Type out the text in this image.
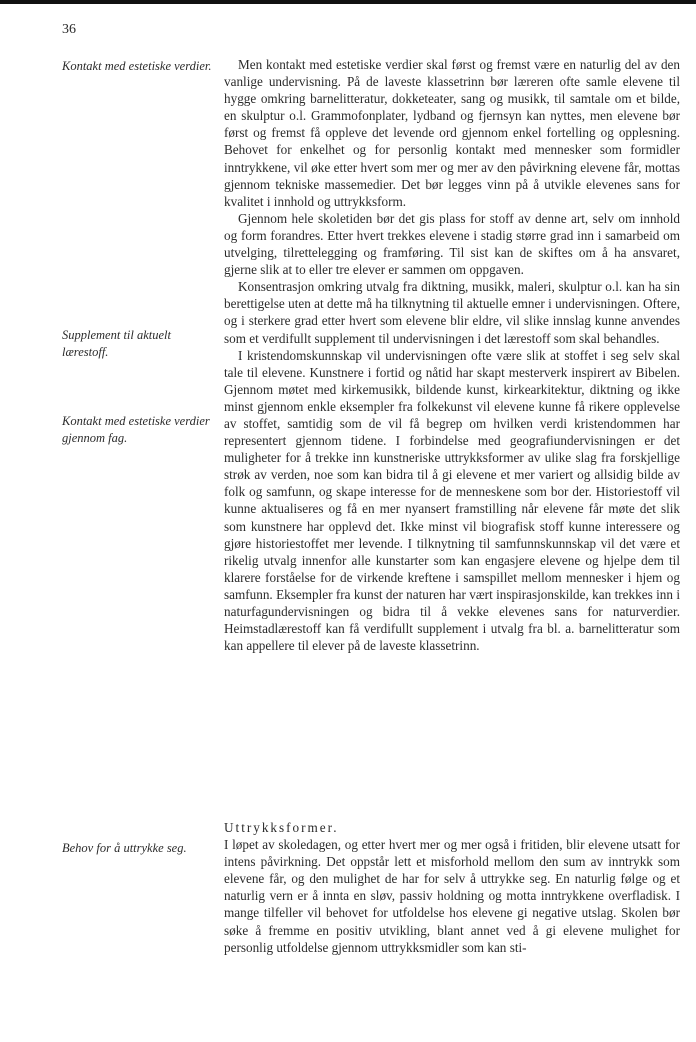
36
Kontakt med estetiske verdier.
Supplement til aktuelt lærestoff.
Kontakt med estetiske verdier gjennom fag.
Behov for å uttrykke seg.

Men kontakt med estetiske verdier skal først og fremst være en naturlig del av den vanlige undervisning. På de laveste klassetrinn bør læreren ofte samle elevene til hygge omkring barnelitteratur, dokketeater, sang og musikk, til samtale om et bilde, en skulptur o.l. Grammofonplater, lydband og fjernsyn kan nyttes, men elevene bør først og fremst få oppleve det levende ord gjennom enkel fortelling og opplesning. Behovet for enkelhet og for personlig kontakt med mennesker som formidler inntrykkene, vil øke etter hvert som mer og mer av den påvirkning elevene får, mottas gjennom tekniske massemedier. Det bør legges vinn på å utvikle elevenes sans for kvalitet i innhold og uttrykksform.

Gjennom hele skoletiden bør det gis plass for stoff av denne art, selv om innhold og form forandres. Etter hvert trekkes elevene i stadig større grad inn i samarbeid om utvelging, tilrettelegging og framføring. Til sist kan de skiftes om å ha ansvaret, gjerne slik at to eller tre elever er sammen om oppgaven.

Konsentrasjon omkring utvalg fra diktning, musikk, maleri, skulptur o.l. kan ha sin berettigelse uten at dette må ha tilknytning til aktuelle emner i undervisningen. Oftere, og i sterkere grad etter hvert som elevene blir eldre, vil slike innslag kunne anvendes som et verdifullt supplement til undervisningen i det lærestoff som skal behandles.

I kristendomskunnskap vil undervisningen ofte være slik at stoffet i seg selv skal tale til elevene. Kunstnere i fortid og nåtid har skapt mesterverk inspirert av Bibelen. Gjennom møtet med kirkemusikk, bildende kunst, kirkearkitektur, diktning og ikke minst gjennom enkle eksempler fra folkekunst vil elevene kunne få rikere opplevelse av stoffet, samtidig som de vil få begrep om hvilken verdi kristendommen har representert gjennom tidene. I forbindelse med geografiundervisningen er det muligheter for å trekke inn kunstneriske uttrykksformer av ulike slag fra forskjellige strøk av verden, noe som kan bidra til å gi elevene et mer variert og allsidig bilde av folk og samfunn, og skape interesse for de menneskene som bor der. Historiestoff vil kunne aktualiseres og få en mer nyansert framstilling når elevene får møte det slik som kunstnere har opplevd det. Ikke minst vil biografisk stoff kunne interessere og gjøre historiestoffet mer levende. I tilknytning til samfunnskunnskap vil det være et rikelig utvalg innenfor alle kunstarter som kan engasjere elevene og hjelpe dem til klarere forståelse for de virkende kreftene i samspillet mellom mennesker i hjem og samfunn. Eksempler fra kunst der naturen har vært inspirasjonskilde, kan trekkes inn i naturfagundervisningen og bidra til å vekke elevenes sans for naturverdier. Heimstadlærestoff kan få verdifullt supplement i utvalg fra bl. a. barnelitteratur som kan appellere til elever på de laveste klassetrinn.

Uttrykksformer.

I løpet av skoledagen, og etter hvert mer og mer også i fritiden, blir elevene utsatt for intens påvirkning. Det oppstår lett et misforhold mellom den sum av inntrykk som elevene får, og den mulighet de har for selv å uttrykke seg. En naturlig følge og et naturlig vern er å innta en sløv, passiv holdning og motta inntrykkene overfladisk. I mange tilfeller vil behovet for utfoldelse hos elevene gi negative utslag. Skolen bør søke å fremme en positiv utvikling, blant annet ved å gi elevene mulighet for personlig utfoldelse gjennom uttrykksmidler som kan sti-
